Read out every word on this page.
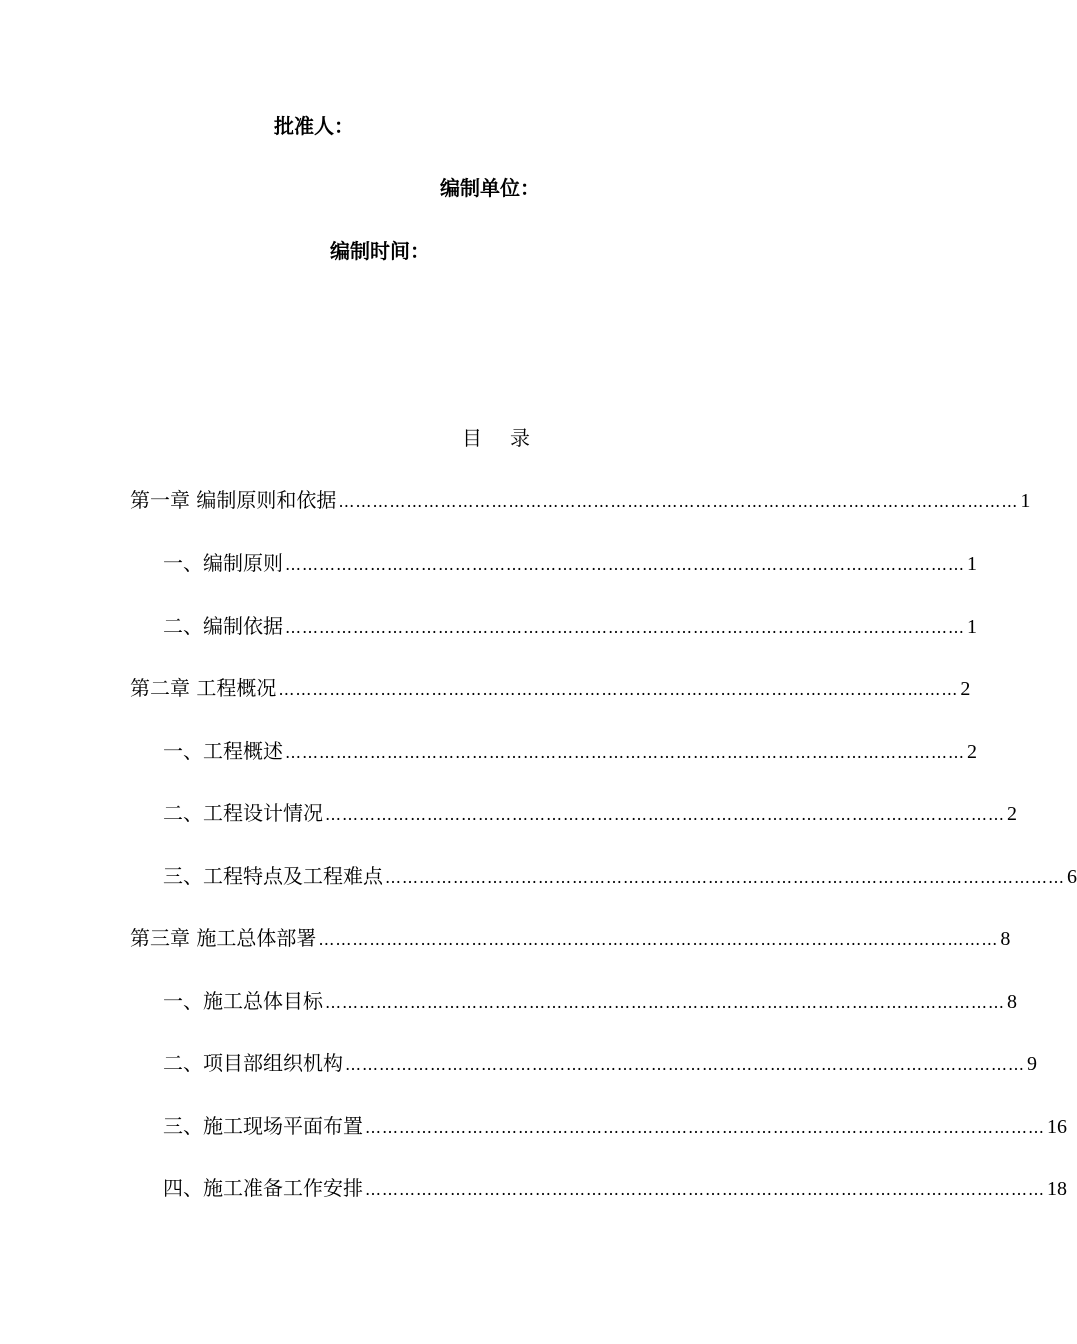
批准人：
编制单位：
编制时间：
目录
第一章 编制原则和依据 ………………………………………………………………………………………………………… 1
一、编制原则 ………………………………………………………………………………………………………… 1
二、编制依据 ………………………………………………………………………………………………………… 1
第二章 工程概况 ………………………………………………………………………………………………………… 2
一、工程概述 ………………………………………………………………………………………………………… 2
二、工程设计情况 ………………………………………………………………………………………………………… 2
三、工程特点及工程难点 ………………………………………………………………………………………………………… 6
第三章 施工总体部署 ………………………………………………………………………………………………………… 8
一、施工总体目标 ………………………………………………………………………………………………………… 8
二、项目部组织机构 ………………………………………………………………………………………………………… 9
三、施工现场平面布置 ………………………………………………………………………………………………………… 16
四、施工准备工作安排 ………………………………………………………………………………………………………… 18
